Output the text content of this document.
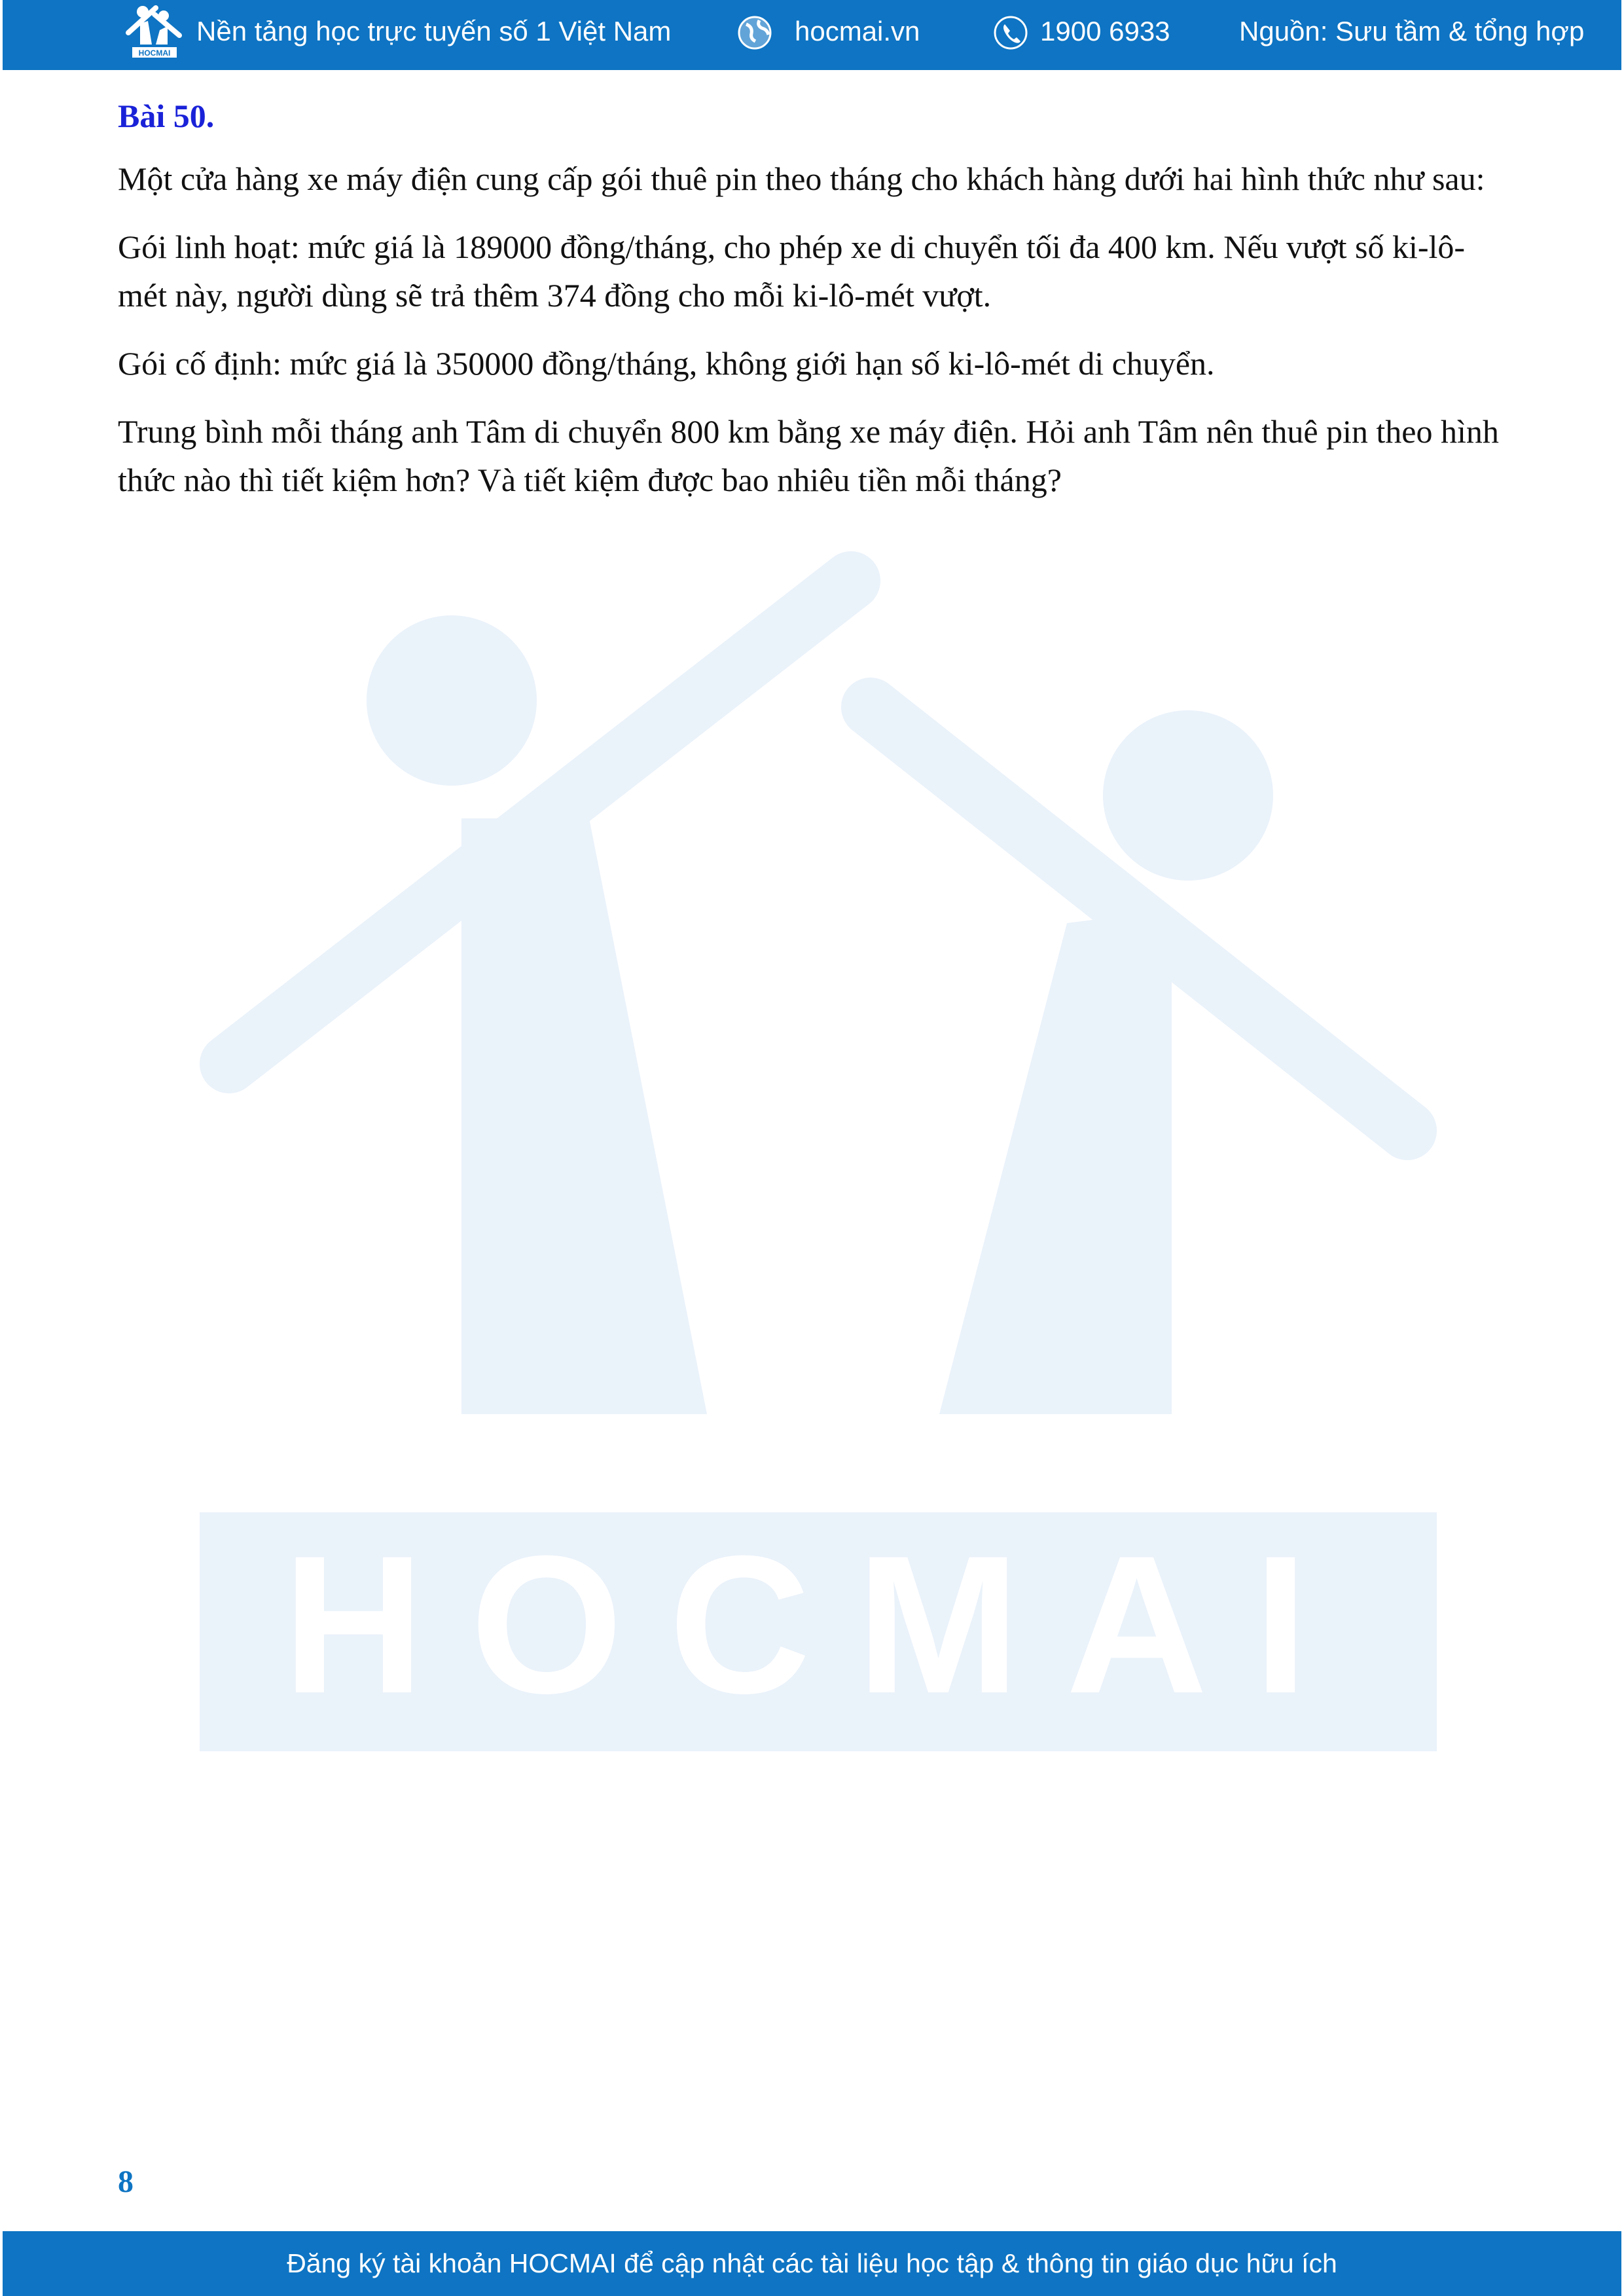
HOCMAI
Nền tảng học trực tuyến số 1 Việt Nam	hocmai.vn	1900 6933	Nguồn: Sưu tầm & tổng hợp
HOCMAI
Bài 50.

Một cửa hàng xe máy điện cung cấp gói thuê pin theo tháng cho khách hàng dưới hai hình thức như sau:

Gói linh hoạt: mức giá là 189000 đồng/tháng, cho phép xe di chuyển tối đa 400 km. Nếu vượt số ki-lô-mét này, người dùng sẽ trả thêm 374 đồng cho mỗi ki-lô-mét vượt.

Gói cố định: mức giá là 350000 đồng/tháng, không giới hạn số ki-lô-mét di chuyển.

Trung bình mỗi tháng anh Tâm di chuyển 800 km bằng xe máy điện. Hỏi anh Tâm nên thuê pin theo hình thức nào thì tiết kiệm hơn? Và tiết kiệm được bao nhiêu tiền mỗi tháng?

8
Đăng ký tài khoản HOCMAI để cập nhật các tài liệu học tập & thông tin giáo dục hữu ích
